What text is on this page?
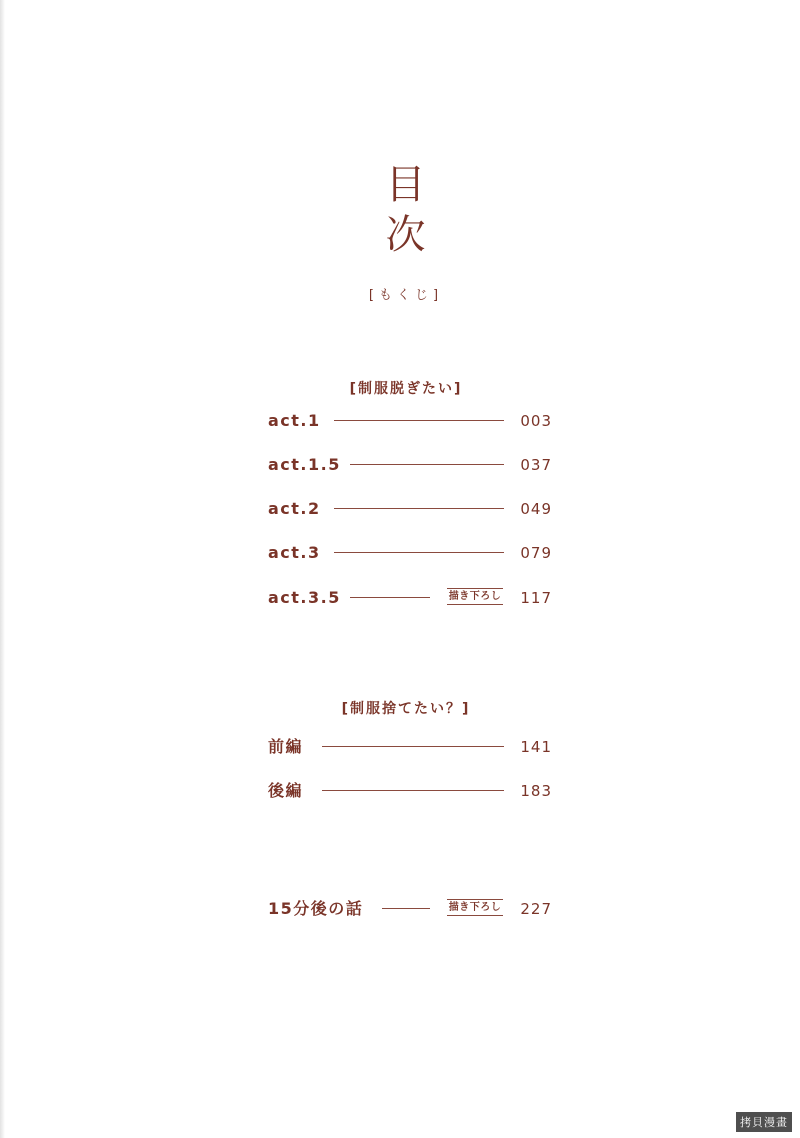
目
次
[もくじ]
[制服脱ぎたい]
act.1	003
act.1.5	037
act.2	049
act.3	079
act.3.5	描き下ろし 117
[制服捨てたい？]
前編	141
後編	183
15分後の話	描き下ろし 227
拷貝漫畫
